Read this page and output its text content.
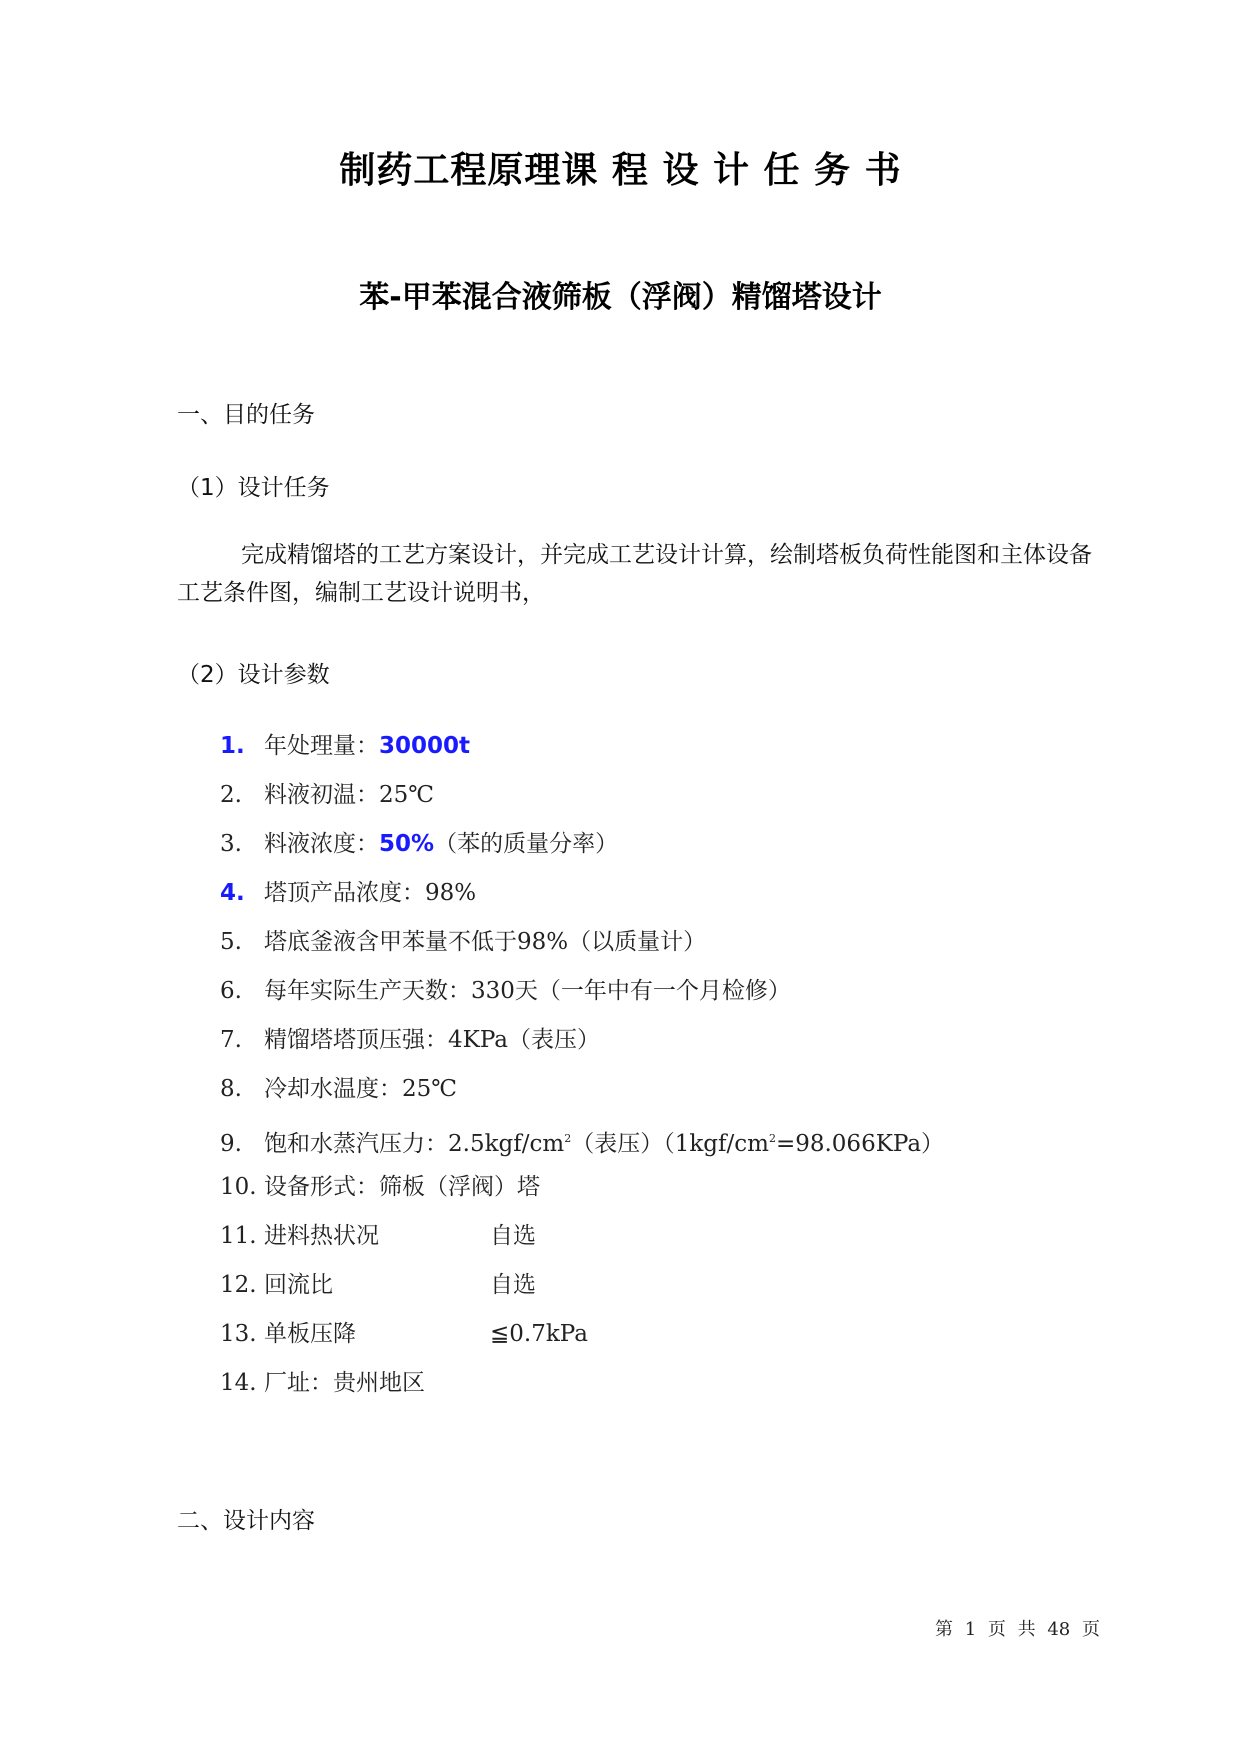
制药工程原理课 程 设 计 任 务 书
苯-甲苯混合液筛板（浮阀）精馏塔设计

一、目的任务

（1）设计任务

完成精馏塔的工艺方案设计，并完成工艺设计计算，绘制塔板负荷性能图和主体设备工艺条件图，编制工艺设计说明书，

（2）设计参数

1. 年处理量：30000t
2. 料液初温：25℃
3. 料液浓度：50%（苯的质量分率）
4. 塔顶产品浓度：98%
5. 塔底釜液含甲苯量不低于98%（以质量计）
6. 每年实际生产天数：330天（一年中有一个月检修）
7. 精馏塔塔顶压强：4KPa（表压）
8. 冷却水温度：25℃
9. 饱和水蒸汽压力：$2.5kgf/cm^2$（表压）$(1kgf/cm^2=98.066KPa)$
10. 设备形式：筛板（浮阀）塔
11. 进料热状况	自选
12. 回流比	自选
13. 单板压降	≦0.7kPa
14. 厂址：贵州地区

二、设计内容

第 1 页 共 48 页
